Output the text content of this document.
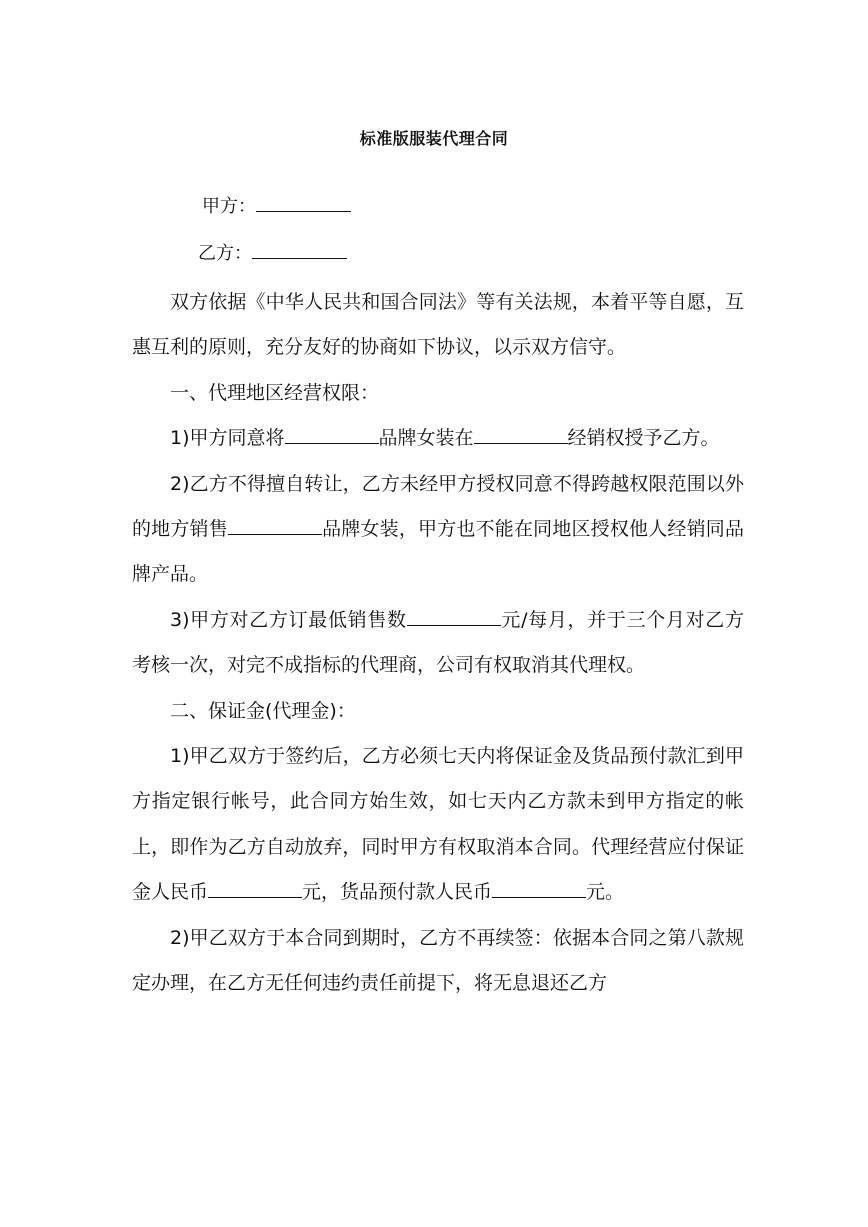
标准版服装代理合同
甲方：
乙方：

双方依据《中华人民共和国合同法》等有关法规，本着平等自愿，互惠互利的原则，充分友好的协商如下协议，以示双方信守。

一、代理地区经营权限：

1)甲方同意将	品牌女装在	经销权授予乙方。

2)乙方不得擅自转让，乙方未经甲方授权同意不得跨越权限范围以外的地方销售	品牌女装，甲方也不能在同地区授权他人经销同品牌产品。

3)甲方对乙方订最低销售数	元/每月，并于三个月对乙方考核一次，对完不成指标的代理商，公司有权取消其代理权。

二、保证金(代理金)：

1)甲乙双方于签约后，乙方必须七天内将保证金及货品预付款汇到甲方指定银行帐号，此合同方始生效，如七天内乙方款未到甲方指定的帐上，即作为乙方自动放弃，同时甲方有权取消本合同。代理经营应付保证金人民币	元，货品预付款人民币	元。

2)甲乙双方于本合同到期时，乙方不再续签：依据本合同之第八款规定办理，在乙方无任何违约责任前提下，将无息退还乙方
